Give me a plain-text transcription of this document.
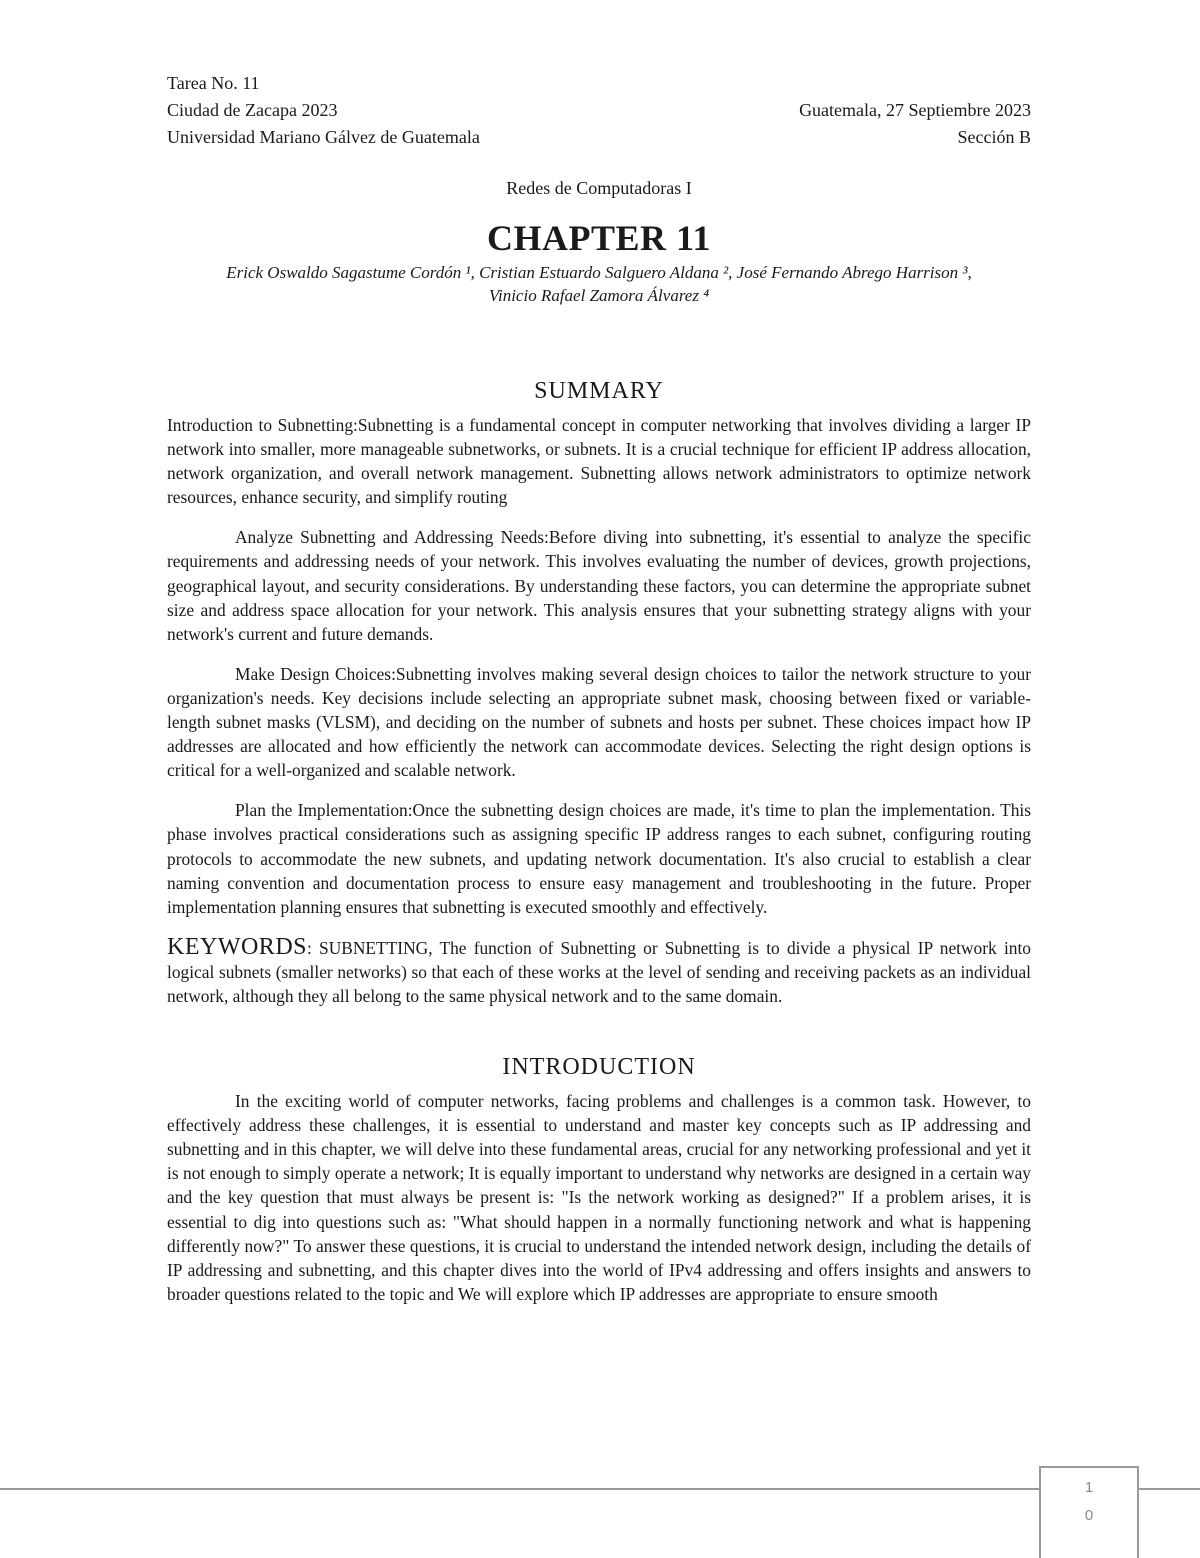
Tarea No. 11
Ciudad de Zacapa 2023	Guatemala, 27 Septiembre 2023
Universidad Mariano Gálvez de Guatemala	Sección B
Redes de Computadoras I
CHAPTER 11
Erick Oswaldo Sagastume Cordón ¹, Cristian Estuardo Salguero Aldana ², José Fernando Abrego Harrison ³,
Vinicio Rafael Zamora Álvarez ⁴
SUMMARY

Introduction to Subnetting:Subnetting is a fundamental concept in computer networking that involves dividing a larger IP network into smaller, more manageable subnetworks, or subnets. It is a crucial technique for efficient IP address allocation, network organization, and overall network management. Subnetting allows network administrators to optimize network resources, enhance security, and simplify routing

Analyze Subnetting and Addressing Needs:Before diving into subnetting, it's essential to analyze the specific requirements and addressing needs of your network. This involves evaluating the number of devices, growth projections, geographical layout, and security considerations. By understanding these factors, you can determine the appropriate subnet size and address space allocation for your network. This analysis ensures that your subnetting strategy aligns with your network's current and future demands.

Make Design Choices:Subnetting involves making several design choices to tailor the network structure to your organization's needs. Key decisions include selecting an appropriate subnet mask, choosing between fixed or variable-length subnet masks (VLSM), and deciding on the number of subnets and hosts per subnet. These choices impact how IP addresses are allocated and how efficiently the network can accommodate devices. Selecting the right design options is critical for a well-organized and scalable network.

Plan the Implementation:Once the subnetting design choices are made, it's time to plan the implementation. This phase involves practical considerations such as assigning specific IP address ranges to each subnet, configuring routing protocols to accommodate the new subnets, and updating network documentation. It's also crucial to establish a clear naming convention and documentation process to ensure easy management and troubleshooting in the future. Proper implementation planning ensures that subnetting is executed smoothly and effectively.

KEYWORDS: SUBNETTING, The function of Subnetting or Subnetting is to divide a physical IP network into logical subnets (smaller networks) so that each of these works at the level of sending and receiving packets as an individual network, although they all belong to the same physical network and to the same domain.

INTRODUCTION

In the exciting world of computer networks, facing problems and challenges is a common task. However, to effectively address these challenges, it is essential to understand and master key concepts such as IP addressing and subnetting and in this chapter, we will delve into these fundamental areas, crucial for any networking professional and yet it is not enough to simply operate a network; It is equally important to understand why networks are designed in a certain way and the key question that must always be present is: "Is the network working as designed?" If a problem arises, it is essential to dig into questions such as: "What should happen in a normally functioning network and what is happening differently now?" To answer these questions, it is crucial to understand the intended network design, including the details of IP addressing and subnetting, and this chapter dives into the world of IPv4 addressing and offers insights and answers to broader questions related to the topic and We will explore which IP addresses are appropriate to ensure smooth

1
0
